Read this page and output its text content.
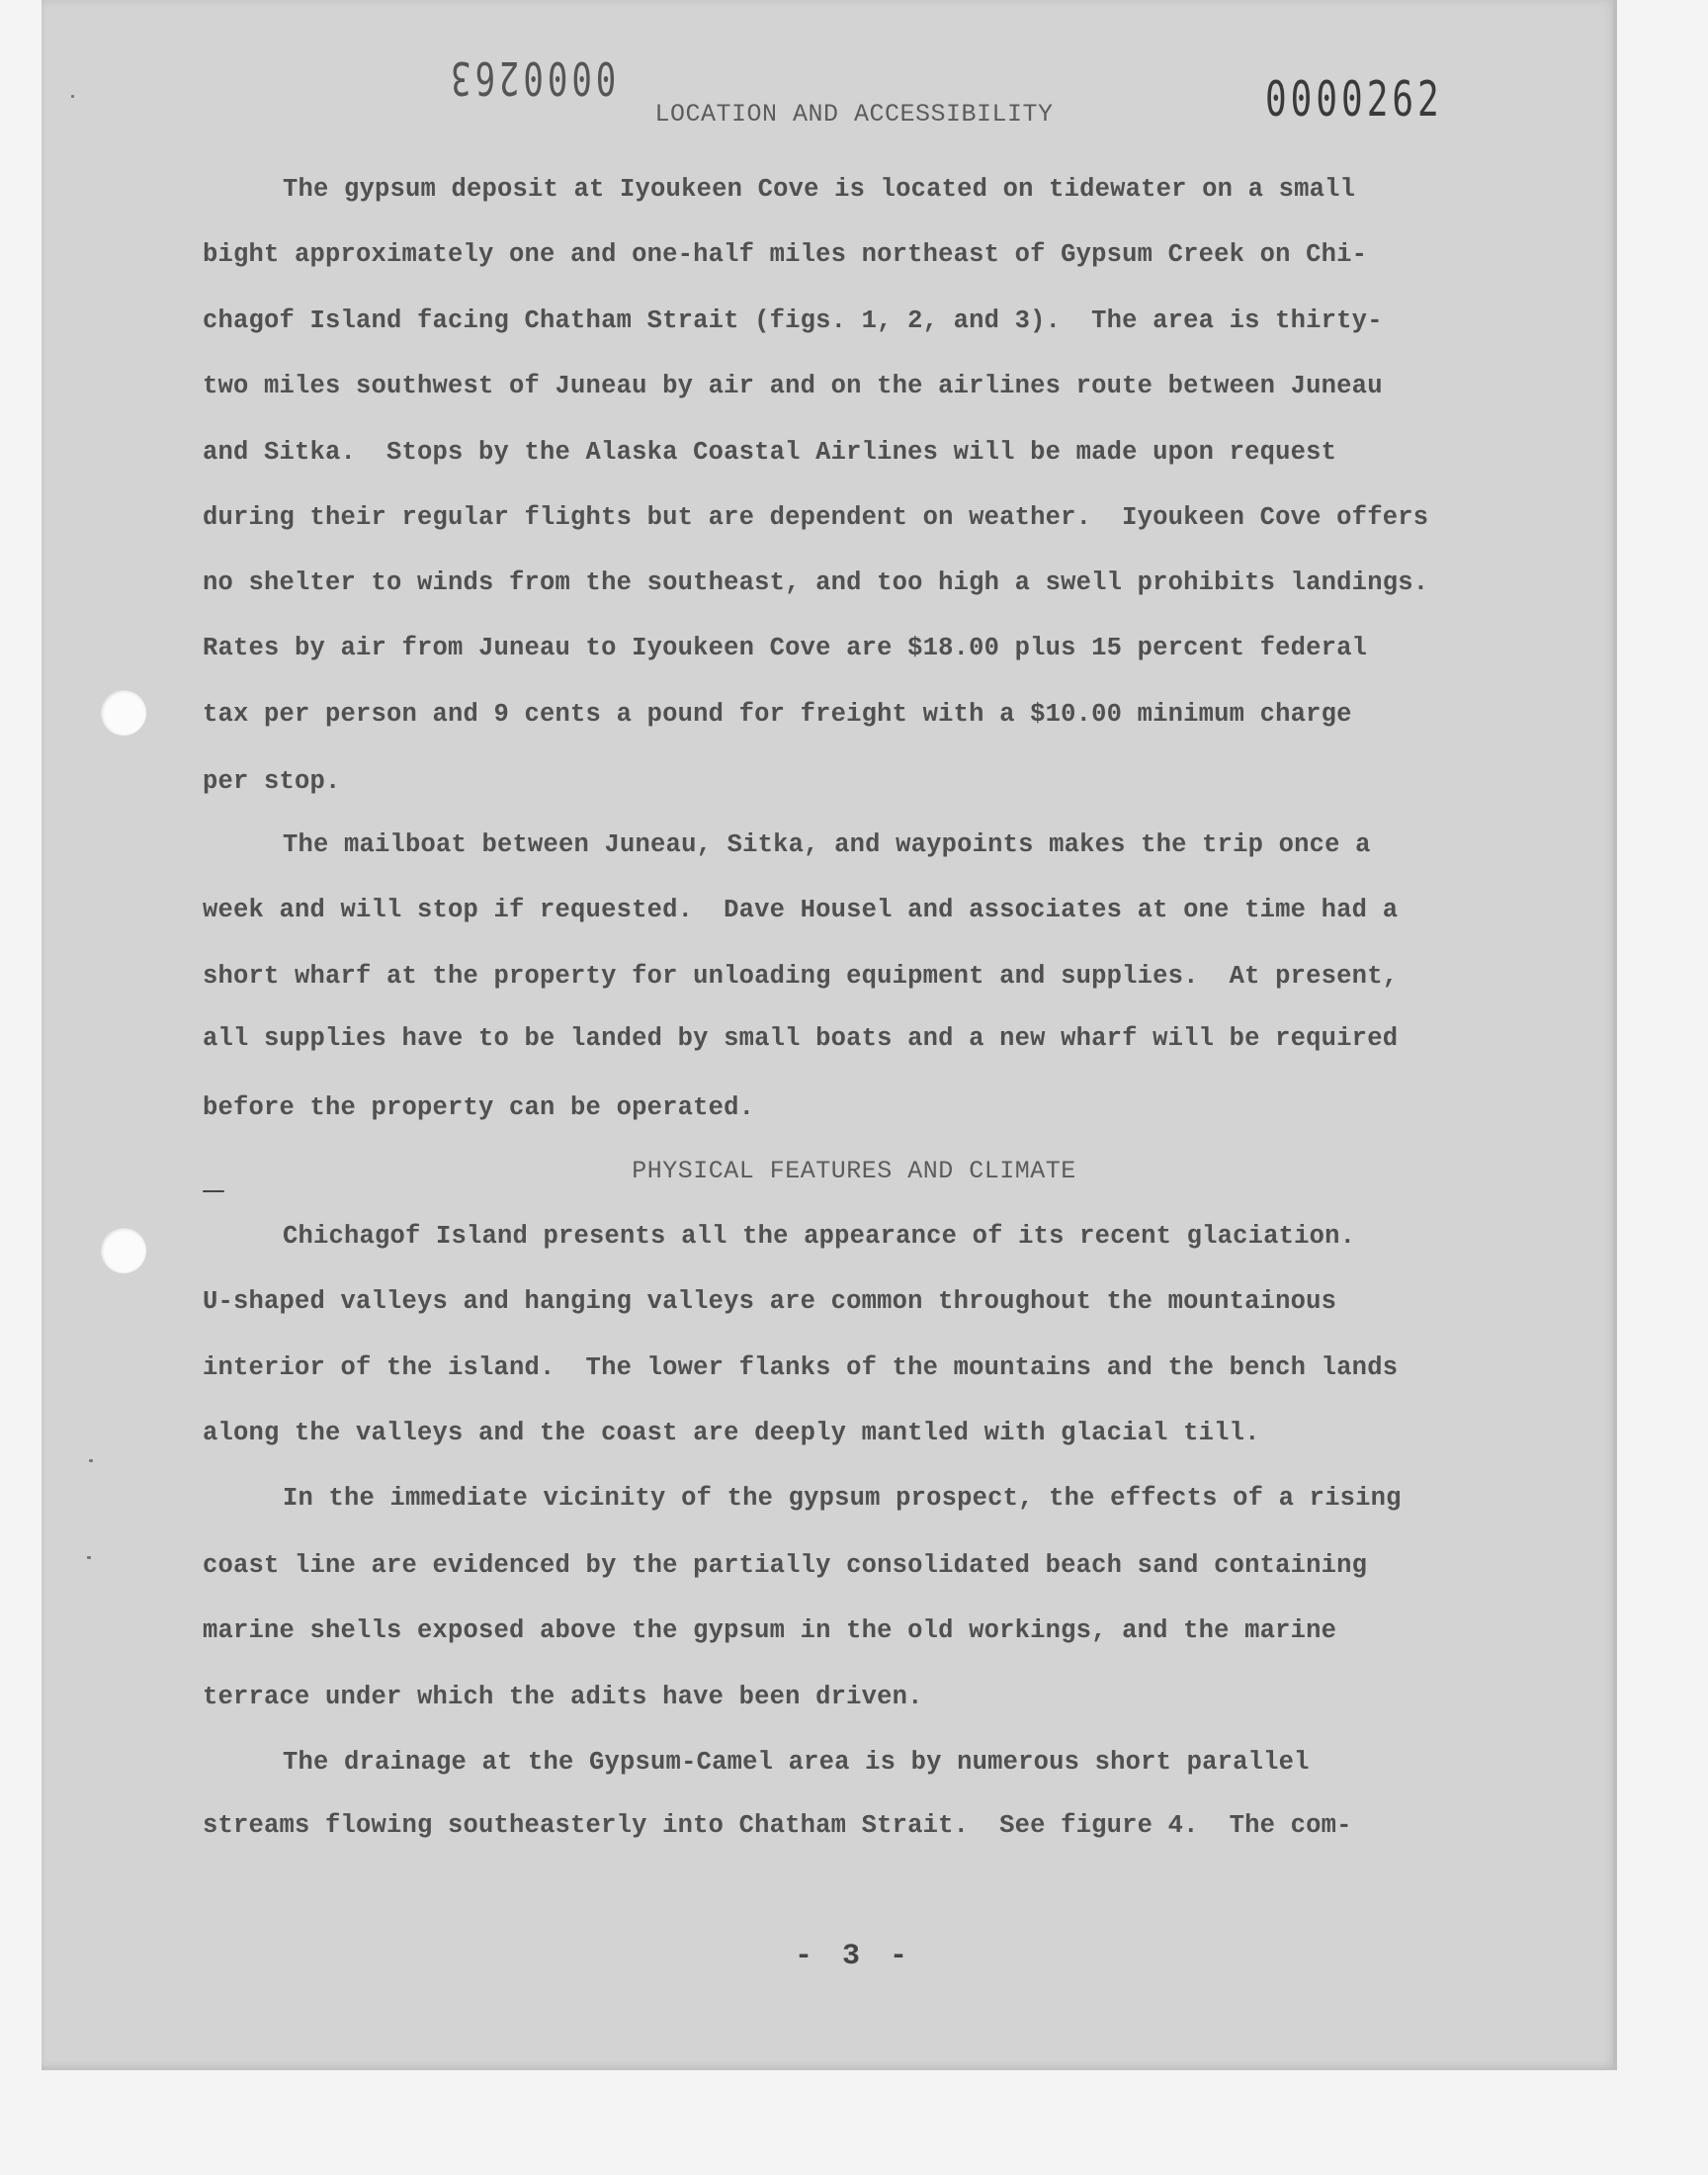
0000263	0000262
LOCATION AND ACCESSIBILITY
The gypsum deposit at Iyoukeen Cove is located on tidewater on a small
bight approximately one and one-half miles northeast of Gypsum Creek on Chi-
chagof Island facing Chatham Strait (figs. 1, 2, and 3).  The area is thirty-
two miles southwest of Juneau by air and on the airlines route between Juneau
and Sitka.  Stops by the Alaska Coastal Airlines will be made upon request
during their regular flights but are dependent on weather.  Iyoukeen Cove offers
no shelter to winds from the southeast, and too high a swell prohibits landings.
Rates by air from Juneau to Iyoukeen Cove are $18.00 plus 15 percent federal
tax per person and 9 cents a pound for freight with a $10.00 minimum charge
per stop.
The mailboat between Juneau, Sitka, and waypoints makes the trip once a
week and will stop if requested.  Dave Housel and associates at one time had a
short wharf at the property for unloading equipment and supplies.  At present,
all supplies have to be landed by small boats and a new wharf will be required
before the property can be operated.
PHYSICAL FEATURES AND CLIMATE
Chichagof Island presents all the appearance of its recent glaciation.
U-shaped valleys and hanging valleys are common throughout the mountainous
interior of the island.  The lower flanks of the mountains and the bench lands
along the valleys and the coast are deeply mantled with glacial till.
In the immediate vicinity of the gypsum prospect, the effects of a rising
coast line are evidenced by the partially consolidated beach sand containing
marine shells exposed above the gypsum in the old workings, and the marine
terrace under which the adits have been driven.
The drainage at the Gypsum-Camel area is by numerous short parallel
streams flowing southeasterly into Chatham Strait.  See figure 4.  The com-
- 3 -
